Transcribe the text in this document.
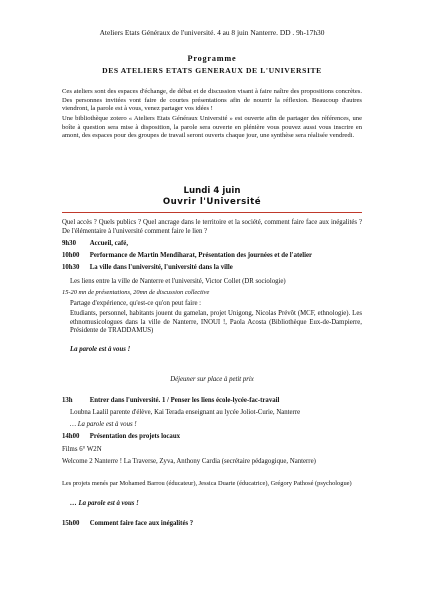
Ateliers Etats Généraux de l'université. 4 au 8 juin Nanterre. DD . 9h-17h30
Programme
DES ATELIERS ETATS GENERAUX DE L'UNIVERSITE
Ces ateliers sont des espaces d'échange, de débat et de discussion visant à faire naître des propositions concrètes. Des personnes invitées vont faire de courtes présentations afin de nourrir la réflexion. Beaucoup d'autres viendront, la parole est à vous, venez partager vos idées !
Une bibliothèque zotero « Ateliers Etats Généraux Université » est ouverte afin de partager des références, une boîte à question sera mise à disposition, la parole sera ouverte en plénière vous pouvez aussi vous inscrire en amont, des espaces pour des groupes de travail seront ouverts chaque jour, une synthèse sera réalisée vendredi.
Lundi 4 juin
Ouvrir l'Université
Quel accès ? Quels publics ? Quel ancrage dans le territoire et la société, comment faire face aux inégalités ? De l'élémentaire à l'université comment faire le lien ?
9h30 Accueil, café,
10h00 Performance de Martin Mendiharat, Présentation des journées et de l'atelier
10h30 La ville dans l'université, l'université dans la ville
Les liens entre la ville de Nanterre et l'université, Victor Collet (DR sociologie)
15-20 mn de présentations, 20mn de discussion collective
Partage d'expérience, qu'est-ce qu'on peut faire :
Etudiants, personnel, habitants jouent du gamelan, projet Unigong, Nicolas Prévôt (MCF, ethnologie). Les ethnomusicologues dans la ville de Nanterre, INOUI !, Paola Acosta (Bibliothèque Eux-de-Dampierre, Présidente de TRADDAMUS)
La parole est à vous !
Déjeuner sur place à petit prix
13h	Entrer dans l'université. 1 / Penser les liens école-lycée-fac-travail
Loubna Laalil parente d'élève, Kai Terada enseignant au lycée Joliot-Curie, Nanterre
… La parole est à vous !
14h00 Présentation des projets locaux
Films 6° W2N
Welcome 2 Nanterre ! La Traverse, Zyva, Anthony Cardia (secrétaire pédagogique, Nanterre)
Les projets menés par Mohamed Barrou (éducateur), Jessica Duarte (éducatrice), Grégory Pathosé (psychologue)
… La parole est à vous !
15h00 Comment faire face aux inégalités ?
